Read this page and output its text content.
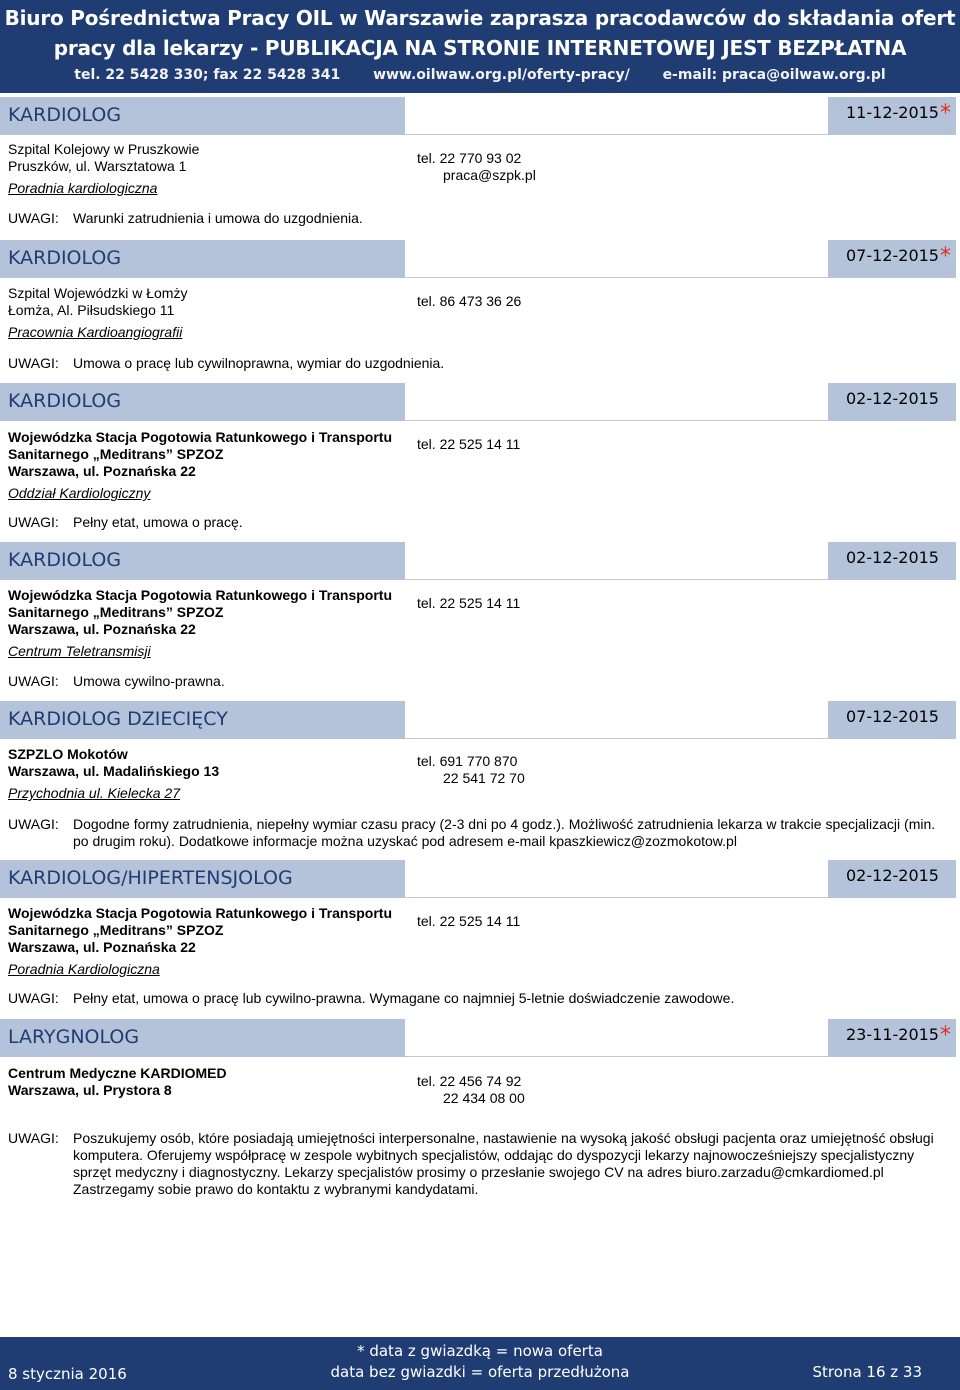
Biuro Pośrednictwa Pracy OIL w Warszawie zaprasza pracodawców do składania ofert
pracy dla lekarzy - PUBLIKACJA NA STRONIE INTERNETOWEJ JEST BEZPŁATNA
tel. 22 5428 330; fax 22 5428 341 www.oilwaw.org.pl/oferty-pracy/ e-mail: praca@oilwaw.org.pl
KARDIOLOG	11-12-2015 *
Szpital Kolejowy w Pruszkowie
Pruszków, ul. Warsztatowa 1
Poradnia kardiologiczna
tel. 22 770 93 02
praca@szpk.pl
UWAGI: Warunki zatrudnienia i umowa do uzgodnienia.
KARDIOLOG	07-12-2015 *
Szpital Wojewódzki w Łomży
Łomża, Al. Piłsudskiego 11
Pracownia Kardioangiografii
tel. 86 473 36 26
UWAGI: Umowa o pracę lub cywilnoprawna, wymiar do uzgodnienia.
KARDIOLOG	02-12-2015
Wojewódzka Stacja Pogotowia Ratunkowego i Transportu
Sanitarnego „Meditrans” SPZOZ
Warszawa, ul. Poznańska 22
Oddział Kardiologiczny
tel. 22 525 14 11
UWAGI: Pełny etat, umowa o pracę.
KARDIOLOG	02-12-2015
Wojewódzka Stacja Pogotowia Ratunkowego i Transportu
Sanitarnego „Meditrans” SPZOZ
Warszawa, ul. Poznańska 22
Centrum Teletransmisji
tel. 22 525 14 11
UWAGI: Umowa cywilno-prawna.
KARDIOLOG DZIECIĘCY	07-12-2015
SZPZLO Mokotów
Warszawa, ul. Madalińskiego 13
Przychodnia ul. Kielecka 27
tel. 691 770 870
22 541 72 70
UWAGI: Dogodne formy zatrudnienia, niepełny wymiar czasu pracy (2-3 dni po 4 godz.). Możliwość zatrudnienia lekarza w trakcie specjalizacji (min. po drugim roku). Dodatkowe informacje można uzyskać pod adresem e-mail kpaszkiewicz@zozmokotow.pl
KARDIOLOG/HIPERTENSJOLOG	02-12-2015
Wojewódzka Stacja Pogotowia Ratunkowego i Transportu
Sanitarnego „Meditrans” SPZOZ
Warszawa, ul. Poznańska 22
Poradnia Kardiologiczna
tel. 22 525 14 11
UWAGI: Pełny etat, umowa o pracę lub cywilno-prawna. Wymagane co najmniej 5-letnie doświadczenie zawodowe.
LARYGNOLOG	23-11-2015 *
Centrum Medyczne KARDIOMED
Warszawa, ul. Prystora 8
tel. 22 456 74 92
22 434 08 00
UWAGI: Poszukujemy osób, które posiadają umiejętności interpersonalne, nastawienie na wysoką jakość obsługi pacjenta oraz umiejętność obsługi komputera. Oferujemy współpracę w zespole wybitnych specjalistów, oddając do dyspozycji lekarzy najnowocześniejszy specjalistyczny sprzęt medyczny i diagnostyczny. Lekarzy specjalistów prosimy o przesłanie swojego CV na adres biuro.zarzadu@cmkardiomed.pl Zastrzegamy sobie prawo do kontaktu z wybranymi kandydatami.
8 stycznia 2016
* data z gwiazdką = nowa oferta
data bez gwiazdki = oferta przedłużona	Strona 16 z 33
